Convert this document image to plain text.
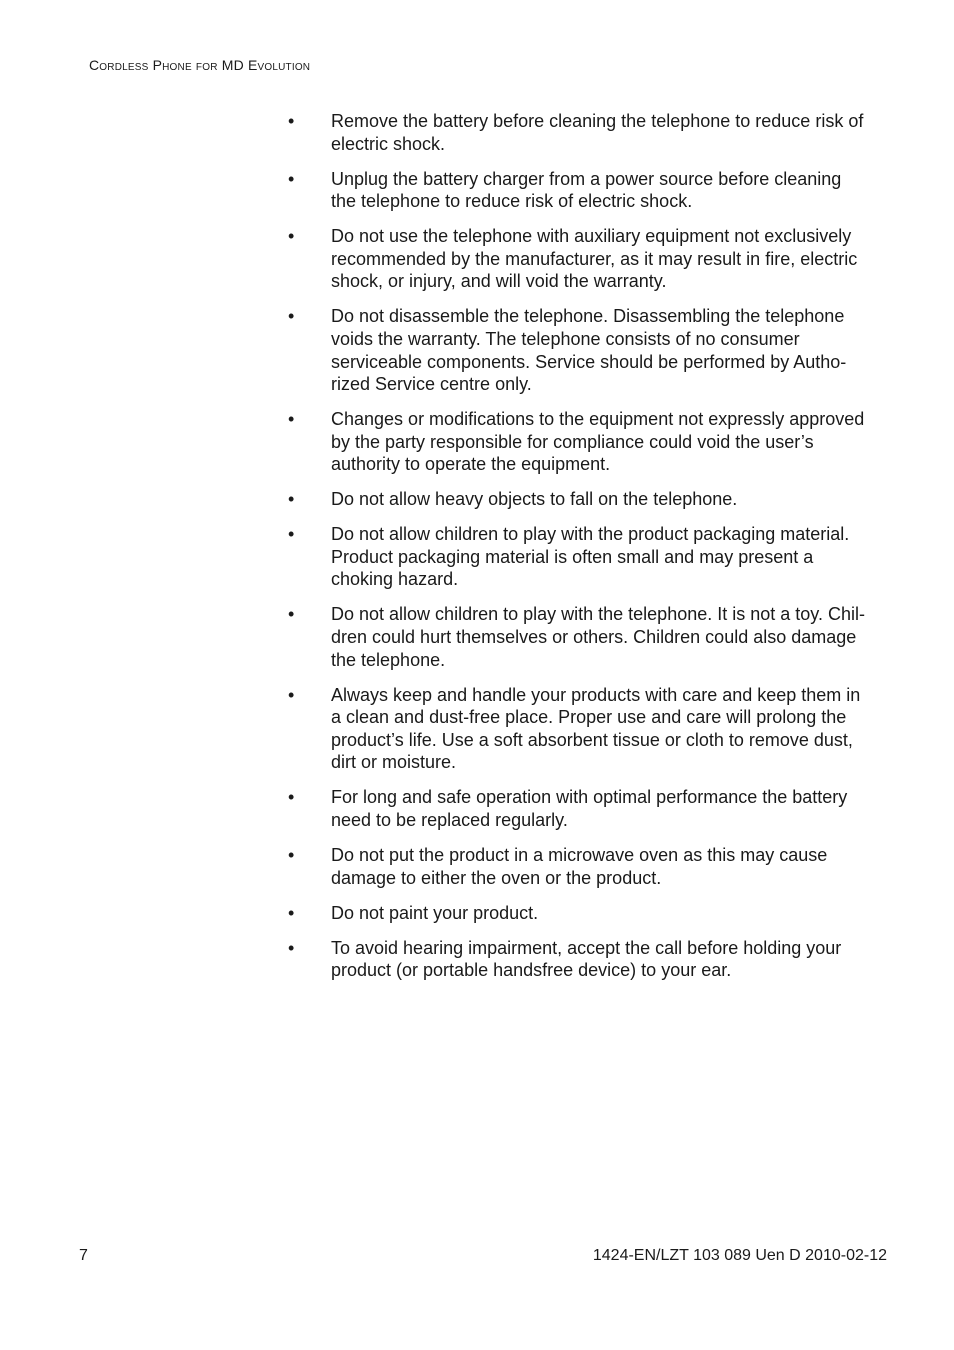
Cordless Phone for MD Evolution

•	Remove the battery before cleaning the telephone to reduce risk of
electric shock.
•	Unplug the battery charger from a power source before cleaning
the telephone to reduce risk of electric shock.
•	Do not use the telephone with auxiliary equipment not exclusively
recommended by the manufacturer, as it may result in fire, electric
shock, or injury, and will void the warranty.
•	Do not disassemble the telephone. Disassembling the telephone
voids the warranty. The telephone consists of no consumer
serviceable components. Service should be performed by Autho-
rized Service centre only.
•	Changes or modifications to the equipment not expressly approved
by the party responsible for compliance could void the user’s
authority to operate the equipment.
•	Do not allow heavy objects to fall on the telephone.
•	Do not allow children to play with the product packaging material.
Product packaging material is often small and may present a
choking hazard.
•	Do not allow children to play with the telephone. It is not a toy. Chil-
dren could hurt themselves or others. Children could also damage
the telephone.
•	Always keep and handle your products with care and keep them in
a clean and dust-free place. Proper use and care will prolong the
product’s life. Use a soft absorbent tissue or cloth to remove dust,
dirt or moisture.
•	For long and safe operation with optimal performance the battery
need to be replaced regularly.
•	Do not put the product in a microwave oven as this may cause
damage to either the oven or the product.
•	Do not paint your product.
•	To avoid hearing impairment, accept the call before holding your
product (or portable handsfree device) to your ear.

7	1424-EN/LZT 103 089 Uen D 2010-02-12
